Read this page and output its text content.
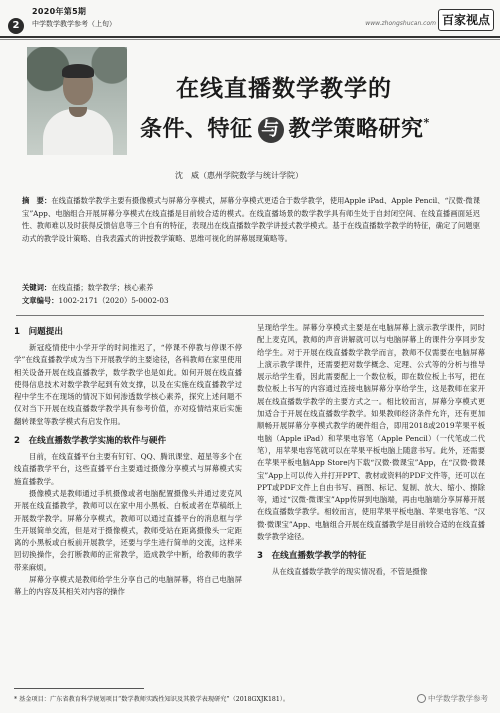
2
2020年第5期
中学数学教学参考（上旬）	www.zhongshucan.com 百家视点
在线直播数学教学的
条件、特征 与 教学策略研究*
沈　威（惠州学院数学与统计学院）
摘　要：在线直播数学教学主要有摄像模式与屏幕分享模式，屏幕分享模式更适合于数学教学，使用Apple iPad、Apple Pencil、“汉微·微课宝”App、电脑组合开展屏幕分享模式在线直播是目前较合适的模式。在线直播场景的数学教学具有师生处于自封闭空间、在线直播画面延迟性、教师难以及时获得反馈信息等三个自有的特征，表现出在线直播数学教学讲授式教学模式。基于在线直播数学教学的特征，确定了问题驱动式的教学设计策略、自我表露式的讲授教学策略、思维可视化的屏幕展现策略等。
关键词：在线直播；数学教学；核心素养
文章编号：1002-2171（2020）5-0002-03
1　问题提出

新冠疫情使中小学开学的时间推迟了，“停课不停教与停课不停学”在线直播教学成为当下开展教学的主要途径，各科教师在家里使用相关设备开展在线直播教学，数学教学也是如此。如何开展在线直播使得信息技术对数学教学起到有效支撑，以及在实施在线直播教学过程中学生不在现场的情况下如何渗透数学核心素养，探究上述问题不仅对当下开展在线直播数学教学具有参考价值，亦对疫情结束后实施翻转课堂等教学模式有启发作用。

2　在线直播数学教学实施的软件与硬件

目前，在线直播平台主要有钉钉、QQ、腾讯课堂、超星等多个在线直播教学平台，这些直播平台主要通过摄像分享模式与屏幕模式实施直播教学。

摄像模式是教师通过手机摄像或者电脑配置摄像头并通过麦克风开展在线直播教学，教师可以在家中用小黑板、白板或者在草稿纸上开展数学教学。屏幕分享模式，教师可以通过直播平台的消息框与学生开展简单交流，但是对于摄像模式，教师受站在距离摄像头一定距离的小黑板或白板前开展教学，还要与学生进行简单的交流，这样来回切换操作，会打断教师的正常教学，造成教学中断，给教师的教学带来麻烦。

屏幕分享模式是教师给学生分享自己的电脑屏幕，将自己电脑屏幕上的内容及其相关对内容的操作

呈现给学生。屏幕分享模式主要是在电脑屏幕上演示教学课件，同时配上麦克风，教师的声音讲解就可以与电脑屏幕上的课件分享同步发给学生。对于开展在线直播数学教学而言，教师不仅需要在电脑屏幕上演示教学课件，还需要把对数学概念、定理、公式等的分析与推导展示给学生看，因此需要配上一个数位板，即在数位板上书写，把在数位板上书写的内容通过连接电脑屏幕分享给学生，这是教师在家开展在线直播数学教学的主要方式之一。相比较而言，屏幕分享模式更加适合于开展在线直播数学教学。如果教师经济条件允许，还有更加顺畅开展屏幕分享模式教学的硬件组合，即用2018或2019苹果平板电脑（Apple iPad）和苹果电容笔（Apple Pencil）（一代笔或二代笔），用苹果电容笔就可以在苹果平板电脑上随意书写。此外，还需要在苹果平板电脑App Store内下载“汉微·微课宝”App，在“汉微·微课宝”App上可以传入并打开PPT、教材或资料的PDF文件等，还可以在PPT或PDF文件上自由书写、画图、标记、复制、放大、缩小、擦除等，通过“汉微·微课宝”App传屏到电脑端，再由电脑端分享屏幕开展在线直播数学教学。相较而言，使用苹果平板电脑、苹果电容笔、“汉微·微课宝”App、电脑组合开展在线直播教学是目前较合适的在线直播数学教学途径。

3　在线直播数学教学的特征

从在线直播数学教学的现实情况看，不管是摄像

* 基金项目：广东省教育科学规划项目“数学教师实践性知识及其教学表现研究”（2018GXJK181）。	中学数学教学参考
